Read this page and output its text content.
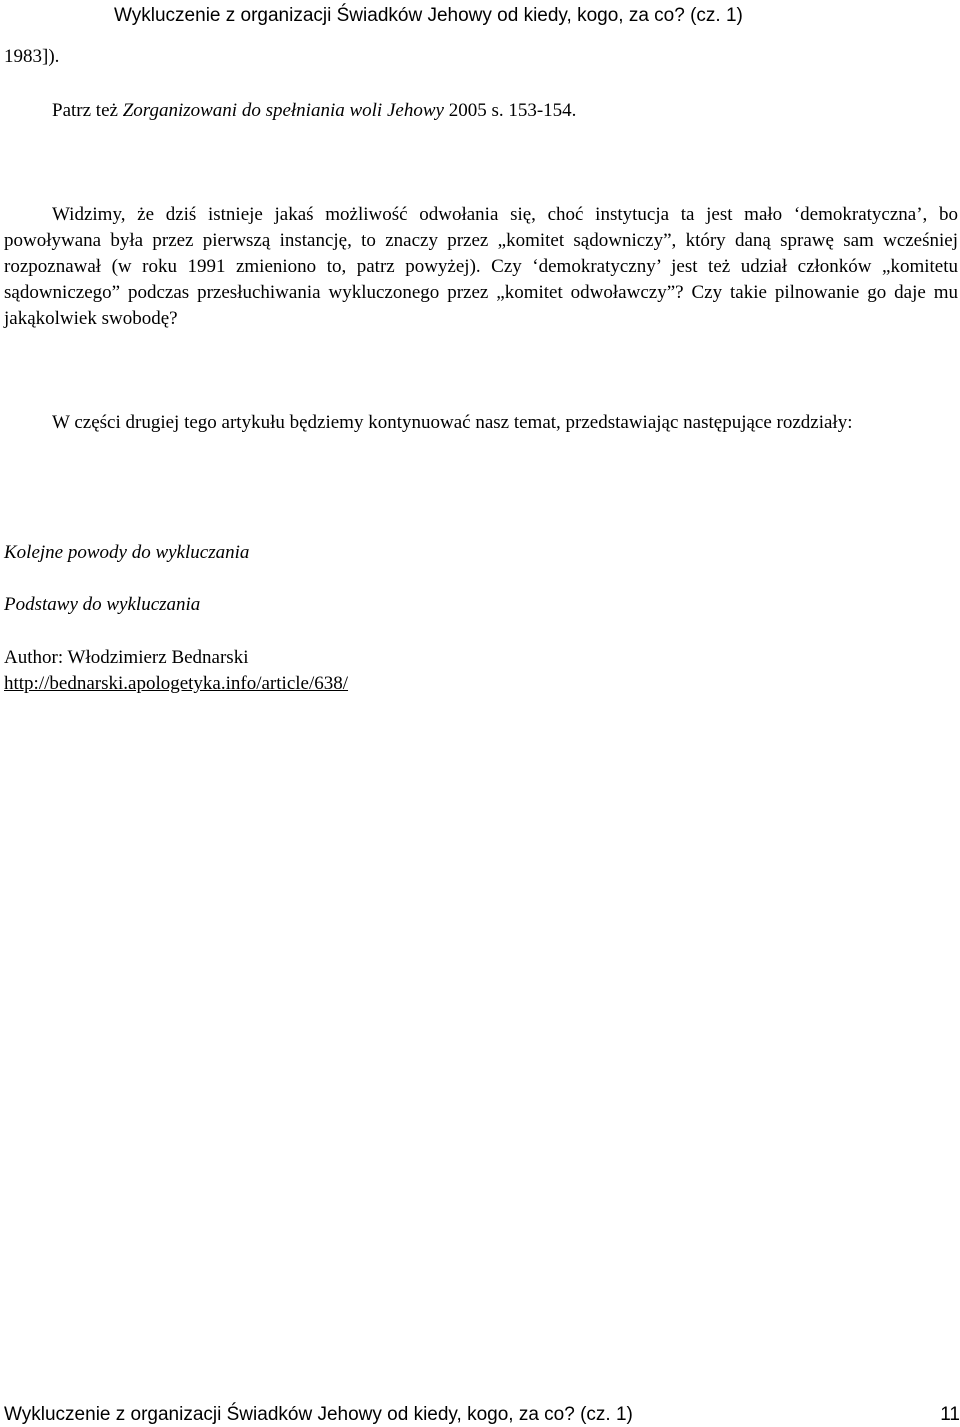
Wykluczenie z organizacji Świadków Jehowy od kiedy, kogo, za co? (cz. 1)
1983]).
Patrz też Zorganizowani do spełniania woli Jehowy 2005 s. 153-154.

Widzimy, że dziś istnieje jakaś możliwość odwołania się, choć instytucja ta jest mało ‘demokratyczna’, bo powoływana była przez pierwszą instancję, to znaczy przez „komitet sądowniczy”, który daną sprawę sam wcześniej rozpoznawał (w roku 1991 zmieniono to, patrz powyżej). Czy ‘demokratyczny’ jest też udział członków „komitetu sądowniczego” podczas przesłuchiwania wykluczonego przez „komitet odwoławczy”? Czy takie pilnowanie go daje mu jakąkolwiek swobodę?

W części drugiej tego artykułu będziemy kontynuować nasz temat, przedstawiając następujące rozdziały:

Kolejne powody do wykluczania
Podstawy do wykluczania
Author: Włodzimierz Bednarski
http://bednarski.apologetyka.info/article/638/
Wykluczenie z organizacji Świadków Jehowy od kiedy, kogo, za co? (cz. 1)	11
